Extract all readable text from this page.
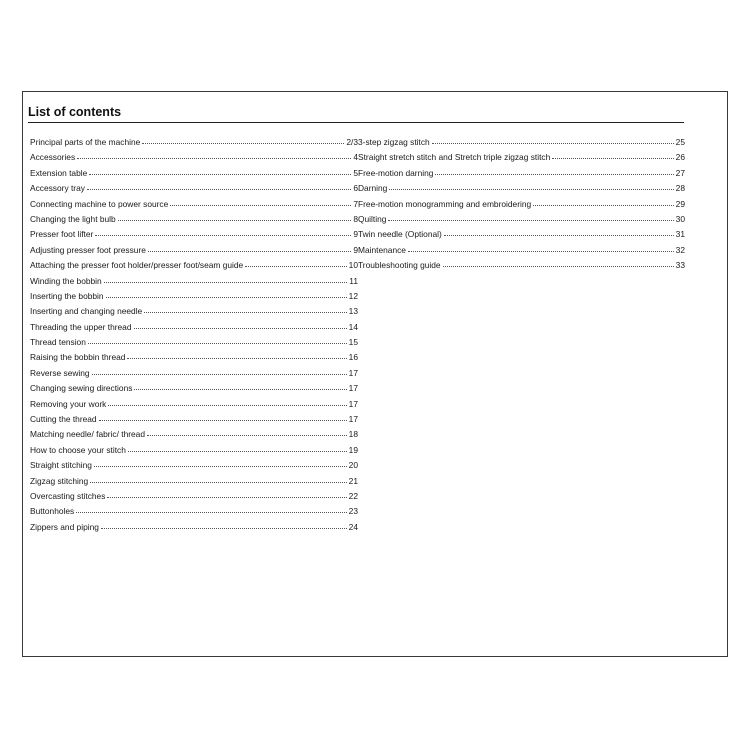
List of contents
Principal parts of the machine	2/3
Accessories	4
Extension table	5
Accessory tray	6
Connecting machine to power source	7
Changing the light bulb	8
Presser foot lifter	9
Adjusting presser foot pressure	9
Attaching the presser foot holder/presser foot/seam guide	10
Winding the bobbin	11
Inserting the bobbin	12
Inserting and changing needle	13
Threading the upper thread	14
Thread tension	15
Raising the bobbin thread	16
Reverse sewing	17
Changing sewing directions	17
Removing your work	17
Cutting the thread	17
Matching needle/ fabric/ thread	18
How to choose your stitch	19
Straight stitching	20
Zigzag stitching	21
Overcasting stitches	22
Buttonholes	23
Zippers and piping	24
3-step zigzag stitch	25
Straight stretch stitch and Stretch triple zigzag stitch	26
Free-motion darning	27
Darning	28
Free-motion monogramming and embroidering	29
Quilting	30
Twin needle (Optional)	31
Maintenance	32
Troubleshooting guide	33
